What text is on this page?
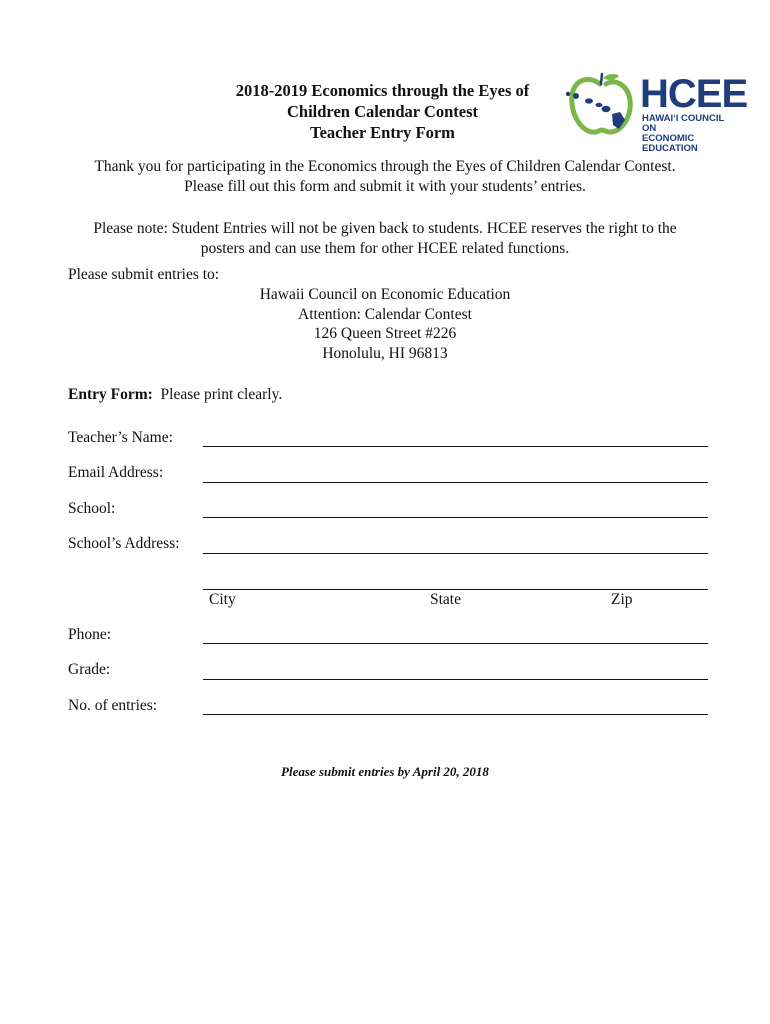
2018-2019 Economics through the Eyes of
Children Calendar Contest
Teacher Entry Form
HCEE
HAWAI‘I COUNCIL ON
ECONOMIC EDUCATION
Thank you for participating in the Economics through the Eyes of Children Calendar Contest.
Please fill out this form and submit it with your students’ entries.
Please note: Student Entries will not be given back to students. HCEE reserves the right to the
posters and can use them for other HCEE related functions.
Please submit entries to:
Hawaii Council on Economic Education
Attention: Calendar Contest
126 Queen Street #226
Honolulu, HI 96813
Entry Form:  Please print clearly.
Teacher’s Name:
Email Address:
School:
School’s Address:
City	State	Zip
Phone:
Grade:
No. of entries:
Please submit entries by April 20, 2018
